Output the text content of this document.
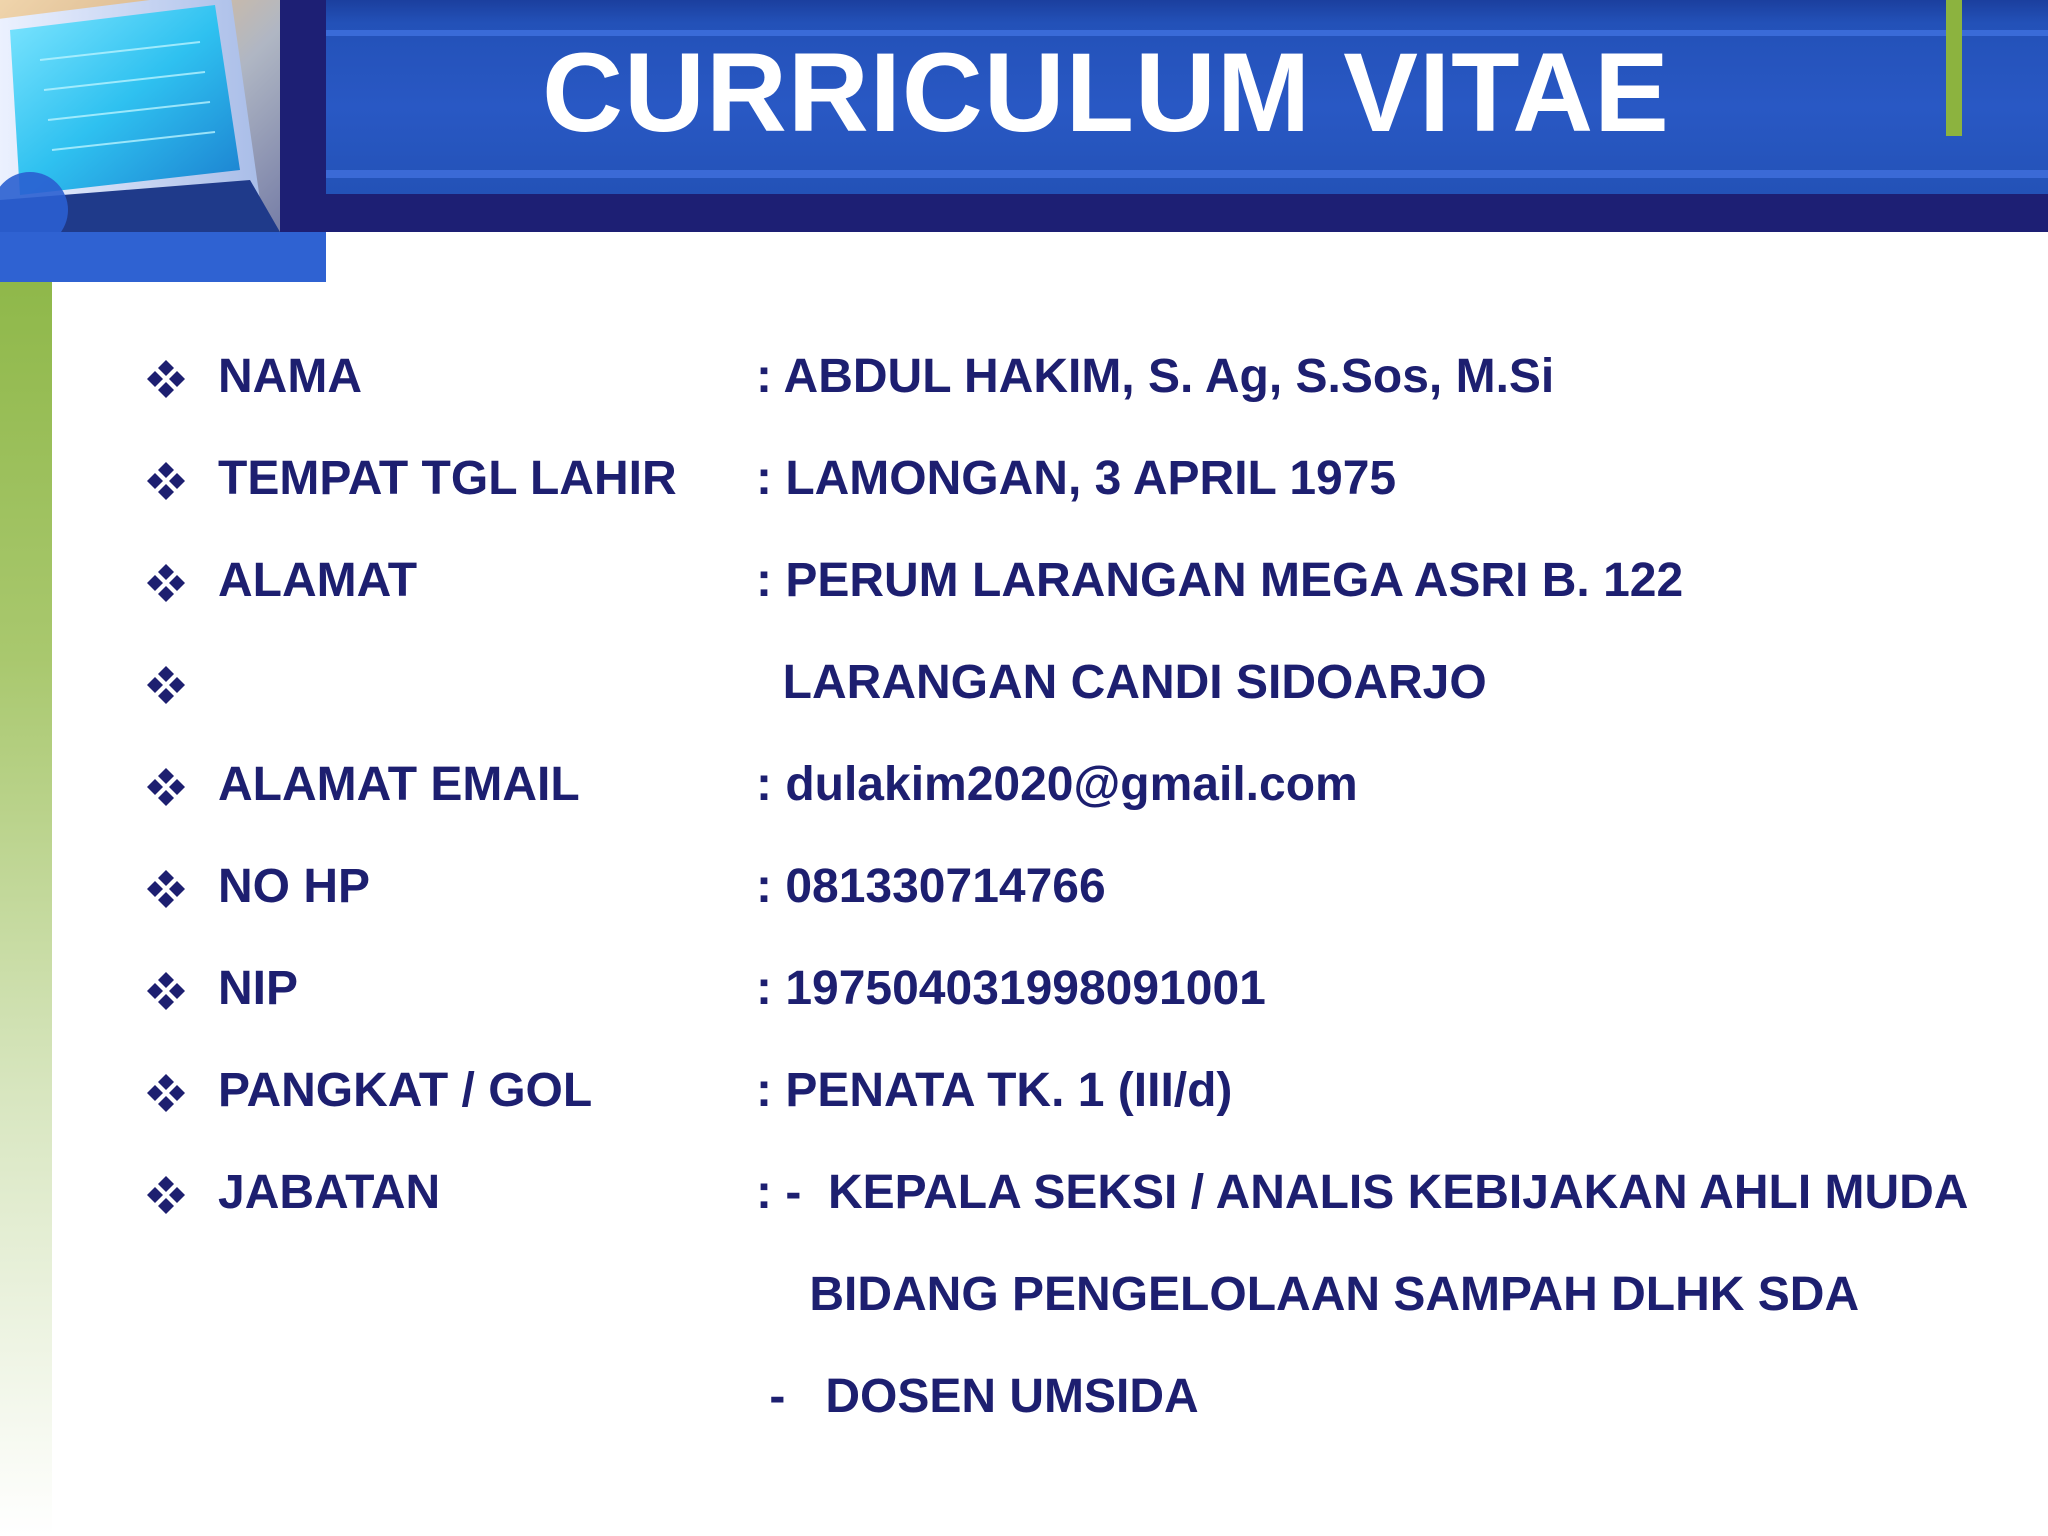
CURRICULUM VITAE
NAMA	: ABDUL HAKIM, S. Ag, S.Sos, M.Si
TEMPAT TGL LAHIR : LAMONGAN, 3 APRIL 1975
ALAMAT	: PERUM LARANGAN MEGA ASRI B. 122
LARANGAN CANDI SIDOARJO
ALAMAT EMAIL	: dulakim2020@gmail.com
NO HP	: 081330714766
NIP	: 197504031998091001
PANGKAT / GOL	: PENATA TK. 1 (III/d)
JABATAN	: -  KEPALA SEKSI / ANALIS KEBIJAKAN AHLI MUDA
BIDANG PENGELOLAAN SAMPAH DLHK SDA
-   DOSEN UMSIDA
